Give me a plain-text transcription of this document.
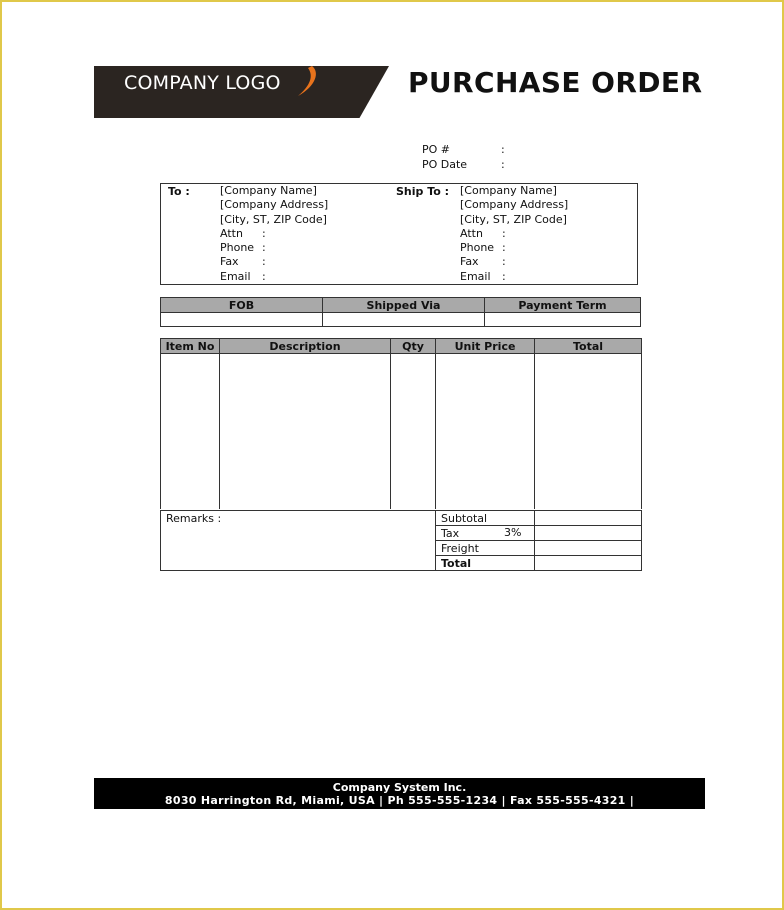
COMPANY LOGO	PURCHASE ORDER
PO #	:
PO Date	:
To :	[Company Name]
[Company Address]
[City, ST, ZIP Code]
Attn :
Phone :
Fax :
Email :
Ship To : [Company Name]
[Company Address]
[City, ST, ZIP Code]
Attn :
Phone :
Fax :
Email :
FOB	Shipped Via	Payment Term

Item No	Description	Qty	Unit Price	Total

Remarks :	Subtotal	
	Tax 3%	

	Freight	
	Total	
Company System Inc.
8030 Harrington Rd, Miami, USA | Ph 555-555-1234 | Fax 555-555-4321 | info@companywebsite.com
